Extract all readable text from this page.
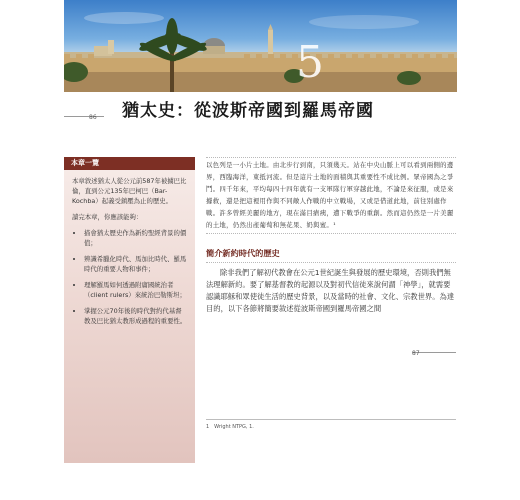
5
86 猶太史：從波斯帝國到羅馬帝國
本章一覽

本章敘述猶太人從公元前587年被擄巴比倫，直到公元135年巴柯巴（Bar-Kochba）起義受鎮壓為止的歷史。

讀完本章，你應該能夠：

• 描會猶太歷史作為新約聖經背景的價值；
• 辨識希臘化時代、馬加比時代、羅馬時代的重要人物和事件；
• 理解羅馬如何透過附庸國統治者（client rulers）來統治巴勒斯坦；
• 掌握公元70年後的時代對約代基督教及巴比猶太教形成過程的重要性。
以色列是一小片土地。由北步行到南，只須幾天。站在中央山脈上可以看到兩側的邊界，西臨海洋，東抵河流。但是這片土地的面積與其重要性不成比例。眾帝國為之爭鬥。四千年來，平均每四十四年就有一支軍隊行軍穿越此地，不論是來征服，或是來據救，還是把這裡用作與不同敵人作戰的中立戰場，又或是借道此地，前往別處作戰。許多曾經美麗的地方，現在滿目瘡痍，遭下戰爭的重創。然而這仍然是一片美麗的土地，仍然出產葡萄和無花果、奶與蜜。¹
簡介新約時代的歷史

除非我們了解初代教會在公元1世紀誕生與發展的歷史環境，否則我們無法理解新約。要了解基督教的起源以及對初代信徒來說何謂「神學」，就需要認識耶穌和眾使徒生活的歷史背景，以及當時的社會、文化、宗教世界。為達目的，以下各節將簡要敘述從波斯帝國到羅馬帝國之間

87
1　Wright NTPG, 1.
